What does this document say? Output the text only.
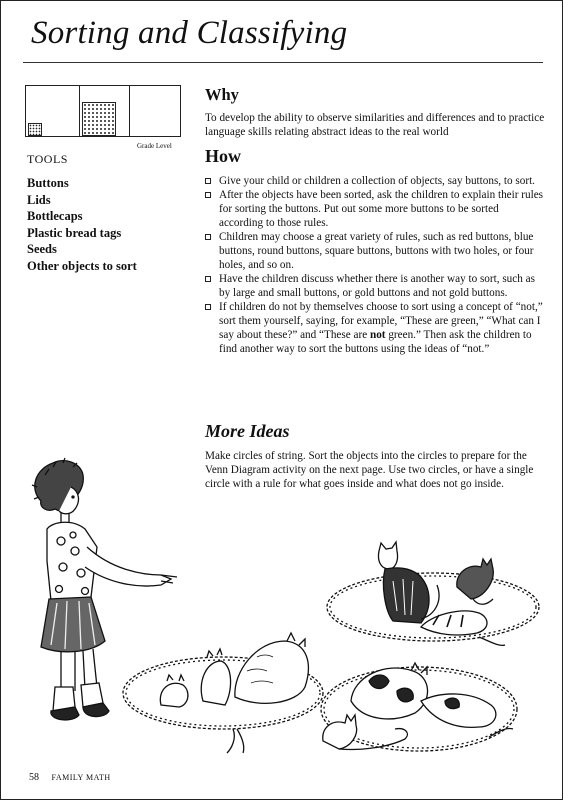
Sorting and Classifying
Grade Level
TOOLS
Buttons
Lids
Bottlecaps
Plastic bread tags
Seeds
Other objects to sort
Why
To develop the ability to observe similarities and differences and to practice language skills relating abstract ideas to the real world
How
Give your child or children a collection of objects, say buttons, to sort.
After the objects have been sorted, ask the children to explain their rules for sorting the buttons. Put out some more buttons to be sorted according to those rules.
Children may choose a great variety of rules, such as red buttons, blue buttons, round buttons, square buttons, buttons with two holes, or four holes, and so on.
Have the children discuss whether there is another way to sort, such as by large and small buttons, or gold buttons and not gold buttons.
If children do not by themselves choose to sort using a concept of “not,” sort them yourself, saying, for example, “These are green,” “What can I say about these?” and “These are not green.” Then ask the children to find another way to sort the buttons using the ideas of “not.”
More Ideas
Make circles of string. Sort the objects into the circles to prepare for the Venn Diagram activity on the next page. Use two circles, or have a single circle with a rule for what goes inside and what does not go inside.
58 FAMILY MATH
